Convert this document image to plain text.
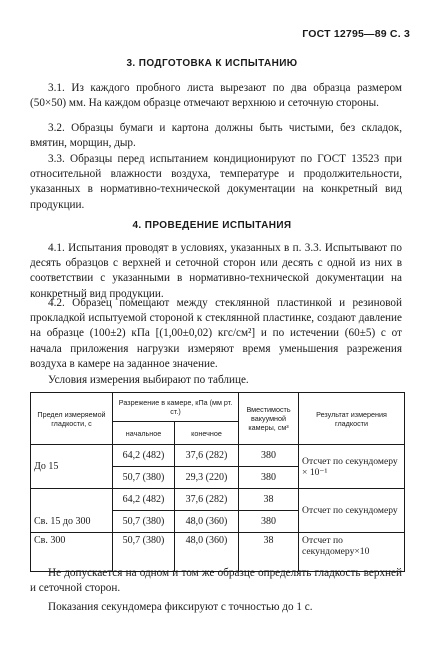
ГОСТ 12795—89 С. 3
3. ПОДГОТОВКА К ИСПЫТАНИЮ
3.1. Из каждого пробного листа вырезают по два образца размером (50×50) мм. На каждом образце отмечают верхнюю и сеточную стороны.
3.2. Образцы бумаги и картона должны быть чистыми, без складок, вмятин, морщин, дыр.
3.3. Образцы перед испытанием кондиционируют по ГОСТ 13523 при относительной влажности воздуха, температуре и продолжительности, указанных в нормативно-технической документации на конкретный вид продукции.
4. ПРОВЕДЕНИЕ ИСПЫТАНИЯ
4.1. Испытания проводят в условиях, указанных в п. 3.3. Испытывают по десять образцов с верхней и сеточной сторон или десять с одной из них в соответствии с указанными в нормативно-технической документации на конкретный вид продукции.
4.2. Образец помещают между стеклянной пластинкой и резиновой прокладкой испытуемой стороной к стеклянной пластинке, создают давление на образце (100±2) кПа [(1,00±0,02) кгс/см²] и по истечении (60±5) с от начала приложения нагрузки измеряют время уменьшения разрежения воздуха в камере на заданное значение.
Условия измерения выбирают по таблице.
Предел измеряемой гладкости, с	Разрежение в камере, кПа (мм рт. ст.)		Вместимость вакуумной камеры, см³	Результат измерения гладкости
	начальное	конечное		
До 15	64,2 (482)	37,6 (282)	380	Отсчет по секундомеру × 10⁻¹
	50,7 (380)	29,3 (220)	380	
	64,2 (482)	37,6 (282)	38	Отсчет по секундомеру
Св. 15 до 300	50,7 (380)	48,0 (360)	380	
Св. 300	50,7 (380)	48,0 (360)	38	Отсчет по секундомеру×10
Не допускается на одном и том же образце определять гладкость верхней и сеточной сторон.
Показания секундомера фиксируют с точностью до 1 с.
